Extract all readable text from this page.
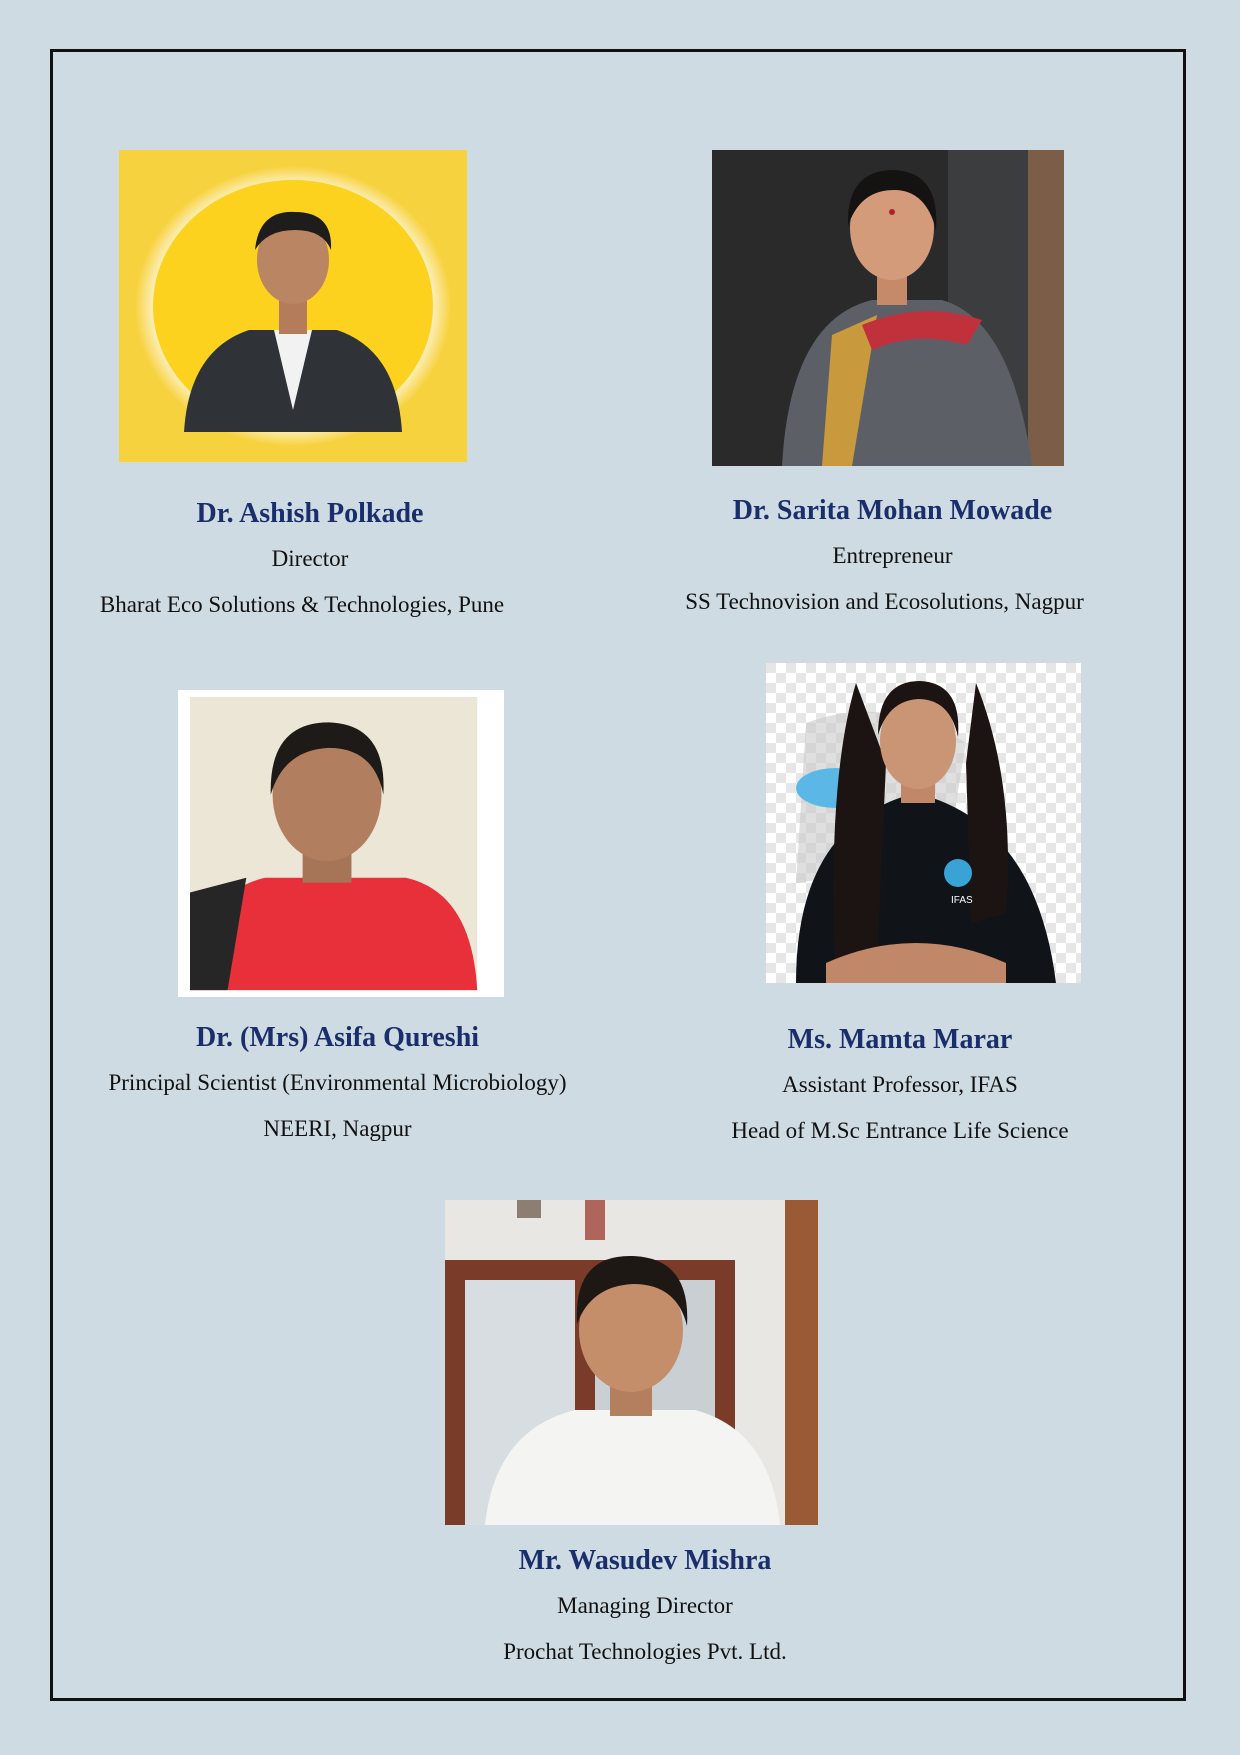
IFAS
Dr. Ashish Polkade
Director
Bharat Eco Solutions & Technologies, Pune
Dr. Sarita Mohan Mowade
Entrepreneur
SS Technovision and Ecosolutions, Nagpur
Dr. (Mrs) Asifa Qureshi
Principal Scientist (Environmental Microbiology)
NEERI, Nagpur
Ms. Mamta Marar
Assistant Professor, IFAS
Head of M.Sc Entrance Life Science
Mr. Wasudev Mishra
Managing Director
Prochat Technologies Pvt. Ltd.
